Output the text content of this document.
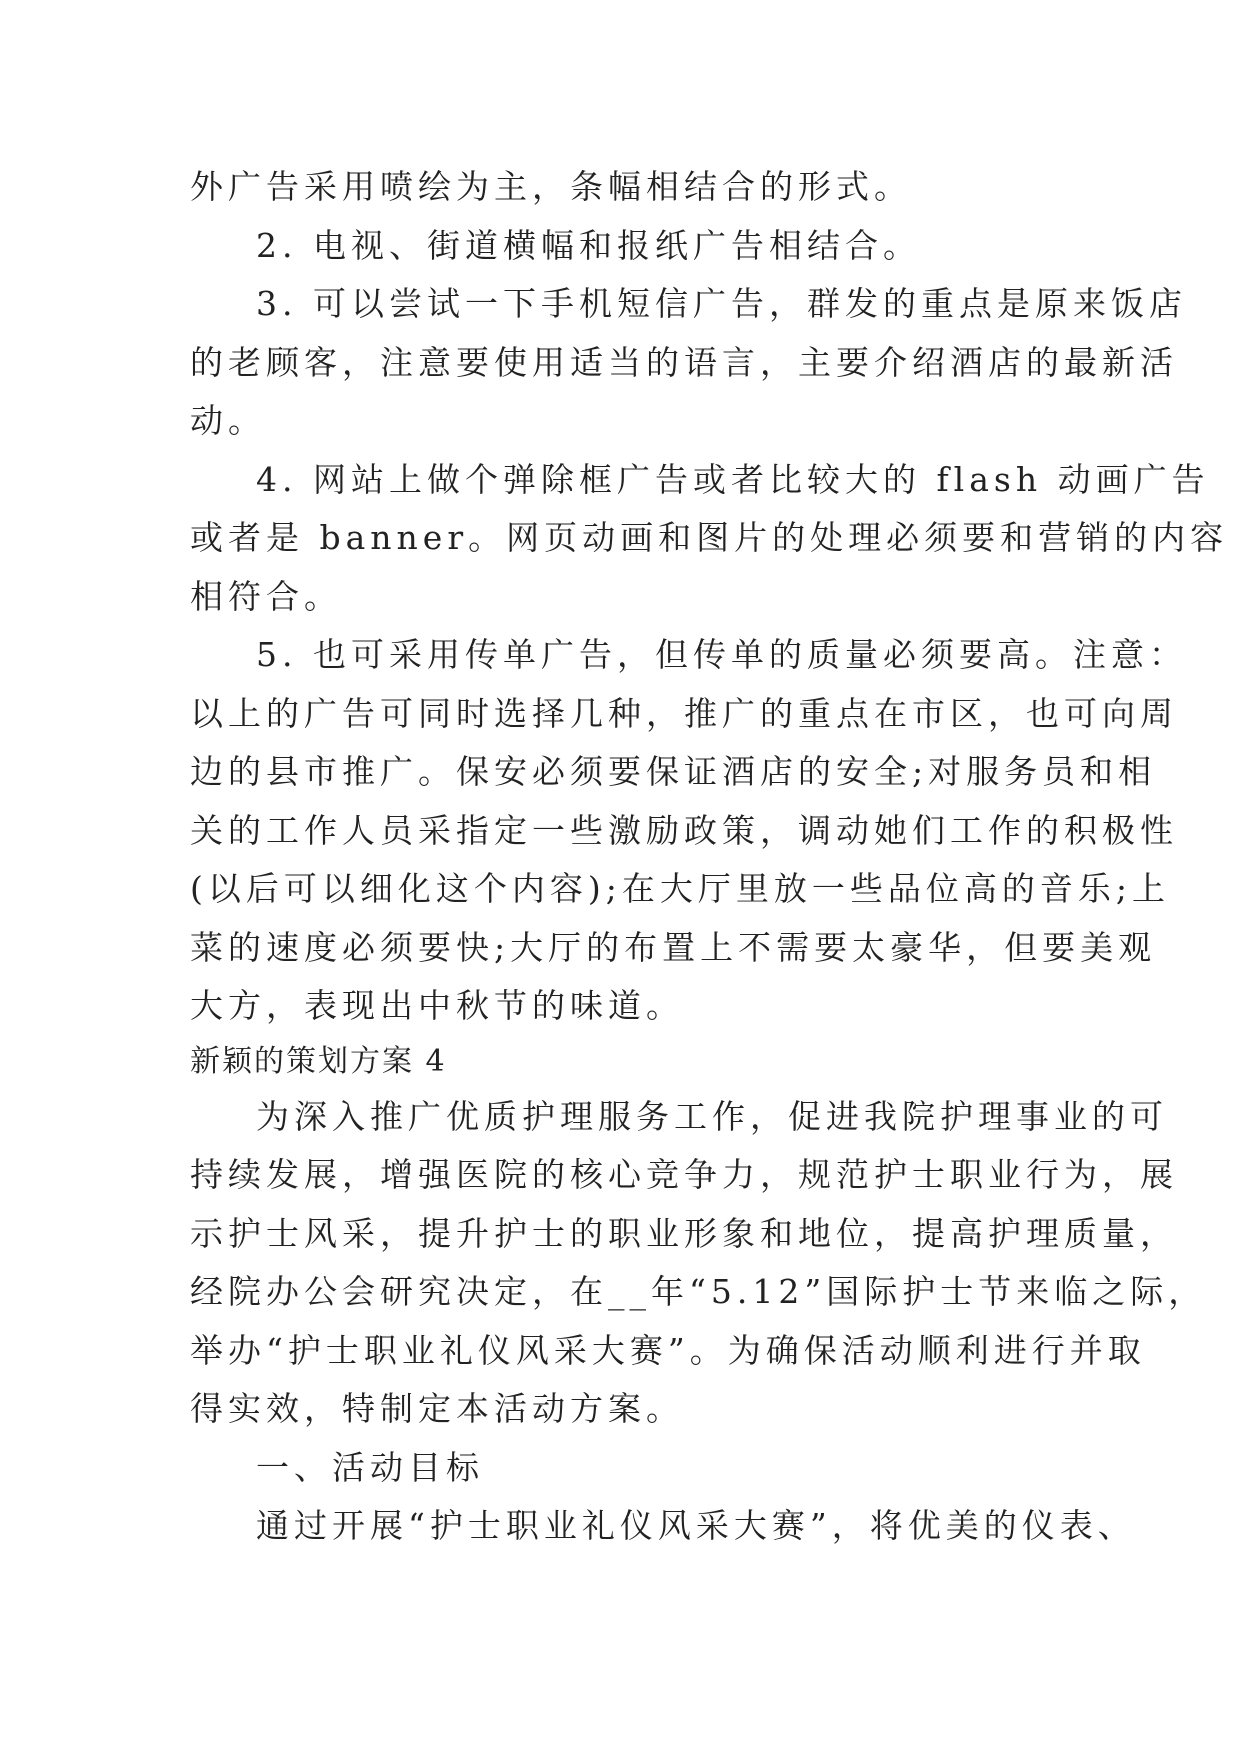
外广告采用喷绘为主，条幅相结合的形式。
2. 电视、街道横幅和报纸广告相结合。
3. 可以尝试一下手机短信广告，群发的重点是原来饭店
的老顾客，注意要使用适当的语言，主要介绍酒店的最新活
动。
4. 网站上做个弹除框广告或者比较大的 flash 动画广告
或者是 banner。网页动画和图片的处理必须要和营销的内容
相符合。
5. 也可采用传单广告，但传单的质量必须要高。注意：
以上的广告可同时选择几种，推广的重点在市区，也可向周
边的县市推广。保安必须要保证酒店的安全;对服务员和相
关的工作人员采指定一些激励政策，调动她们工作的积极性
(以后可以细化这个内容);在大厅里放一些品位高的音乐;上
菜的速度必须要快;大厅的布置上不需要太豪华，但要美观
大方，表现出中秋节的味道。
新颖的策划方案 4
为深入推广优质护理服务工作，促进我院护理事业的可
持续发展，增强医院的核心竞争力，规范护士职业行为，展
示护士风采，提升护士的职业形象和地位，提高护理质量，
经院办公会研究决定，在__年“5.12”国际护士节来临之际，
举办“护士职业礼仪风采大赛”。为确保活动顺利进行并取
得实效，特制定本活动方案。
一、活动目标
通过开展“护士职业礼仪风采大赛”，将优美的仪表、
